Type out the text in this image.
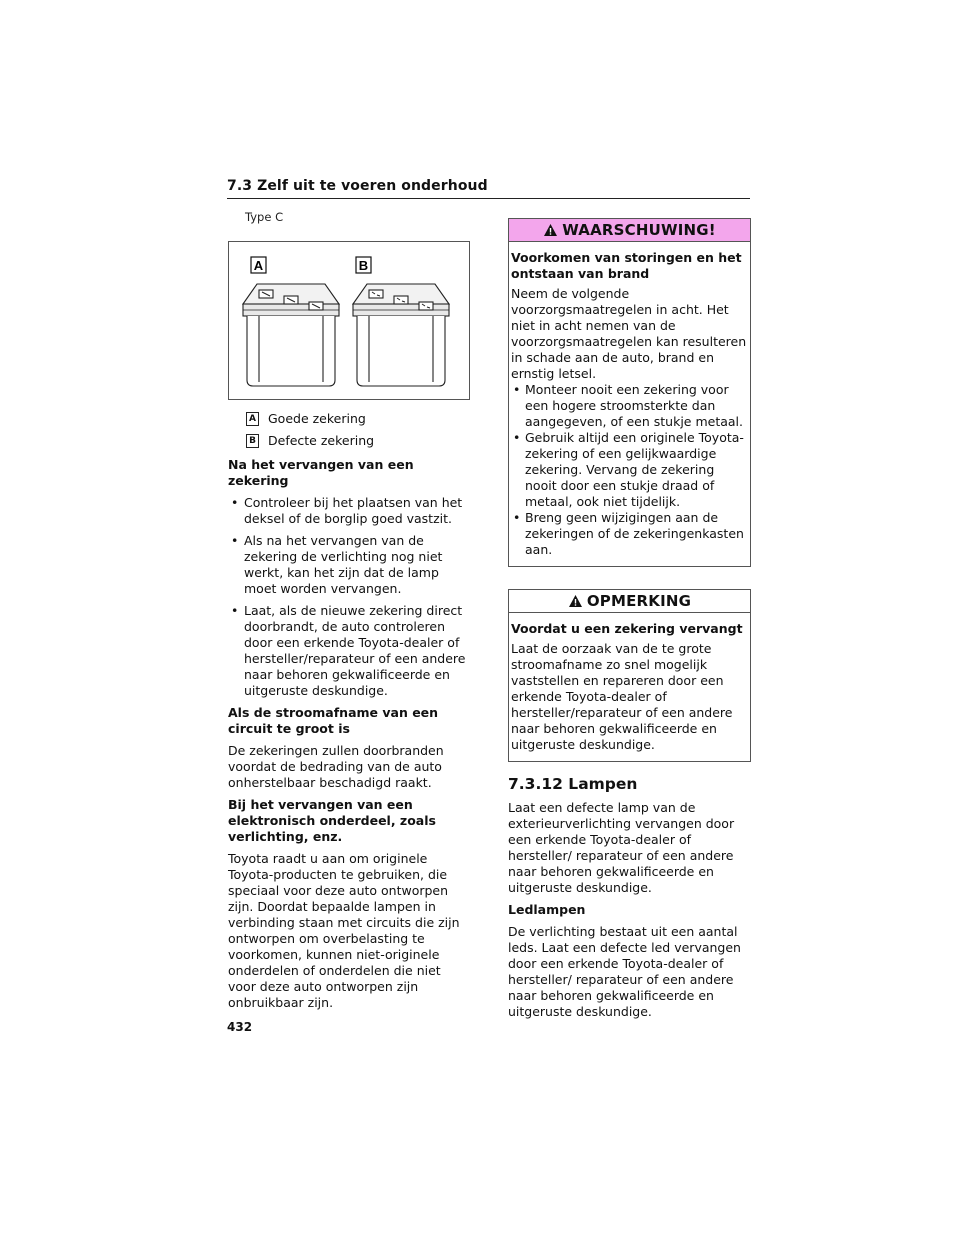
7.3 Zelf uit te voeren onderhoud
Type C
A	B
A Goede zekering
B Defecte zekering
Na het vervangen van een zekering
• Controleer bij het plaatsen van het deksel of de borglip goed vastzit.
• Als na het vervangen van de zekering de verlichting nog niet werkt, kan het zijn dat de lamp moet worden vervangen.
• Laat, als de nieuwe zekering direct doorbrandt, de auto controleren door een erkende Toyota-dealer of hersteller/reparateur of een andere naar behoren gekwalificeerde en uitgeruste deskundige.
Als de stroomafname van een circuit te groot is

De zekeringen zullen doorbranden voordat de bedrading van de auto onherstelbaar beschadigd raakt.

Bij het vervangen van een elektronisch onderdeel, zoals verlichting, enz.

Toyota raadt u aan om originele Toyota-producten te gebruiken, die speciaal voor deze auto ontworpen zijn. Doordat bepaalde lampen in verbinding staan met circuits die zijn ontworpen om overbelasting te voorkomen, kunnen niet-originele onderdelen of onderdelen die niet voor deze auto ontworpen zijn onbruikbaar zijn.

WAARSCHUWING!
Voorkomen van storingen en het ontstaan van brand
Neem de volgende voorzorgsmaatregelen in acht. Het niet in acht nemen van de voorzorgsmaatregelen kan resulteren in schade aan de auto, brand en ernstig letsel.
• Monteer nooit een zekering voor een hogere stroomsterkte dan aangegeven, of een stukje metaal.
• Gebruik altijd een originele Toyota-zekering of een gelijkwaardige zekering. Vervang de zekering nooit door een stukje draad of metaal, ook niet tijdelijk.
• Breng geen wijzigingen aan de zekeringen of de zekeringenkasten aan.
OPMERKING
Voordat u een zekering vervangt
Laat de oorzaak van de te grote stroomafname zo snel mogelijk vaststellen en repareren door een erkende Toyota-dealer of hersteller/reparateur of een andere naar behoren gekwalificeerde en uitgeruste deskundige.
7.3.12 Lampen

Laat een defecte lamp van de exterieurverlichting vervangen door een erkende Toyota-dealer of hersteller/ reparateur of een andere naar behoren gekwalificeerde en uitgeruste deskundige.

Ledlampen

De verlichting bestaat uit een aantal leds. Laat een defecte led vervangen door een erkende Toyota-dealer of hersteller/ reparateur of een andere naar behoren gekwalificeerde en uitgeruste deskundige.

432
